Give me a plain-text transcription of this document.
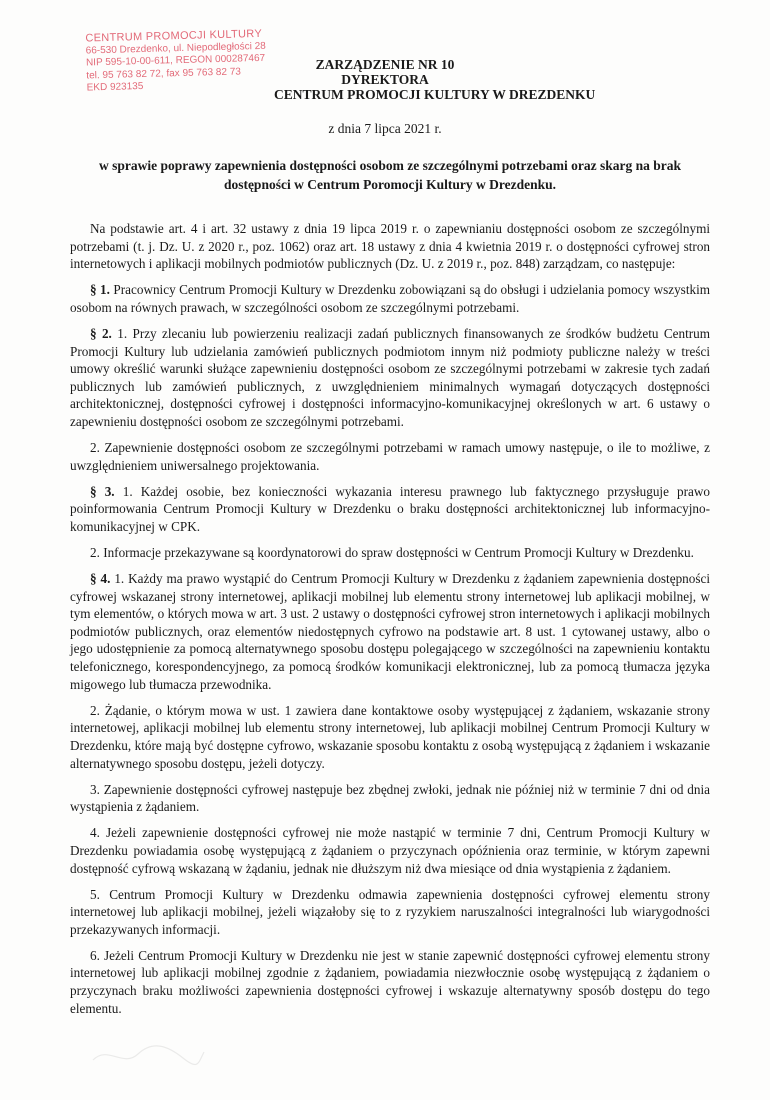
CENTRUM PROMOCJI KULTURY
66-530 Drezdenko, ul. Niepodległości 28
NIP 595-10-00-611, REGON 000287467
tel. 95 763 82 72, fax 95 763 82 73
EKD 923135
ZARZĄDZENIE NR 10
DYREKTORA
CENTRUM PROMOCJI KULTURY W DREZDENKU
z dnia 7 lipca 2021 r.
w sprawie poprawy zapewnienia dostępności osobom ze szczególnymi potrzebami oraz skarg na brak dostępności w Centrum Poromocji Kultury w Drezdenku.

Na podstawie art. 4 i art. 32 ustawy z dnia 19 lipca 2019 r. o zapewnianiu dostępności osobom ze szczególnymi potrzebami (t. j. Dz. U. z 2020 r., poz. 1062) oraz art. 18 ustawy z dnia 4 kwietnia 2019 r. o dostępności cyfrowej stron internetowych i aplikacji mobilnych podmiotów publicznych (Dz. U. z 2019 r., poz. 848) zarządzam, co następuje:

§ 1. Pracownicy Centrum Promocji Kultury w Drezdenku zobowiązani są do obsługi i udzielania pomocy wszystkim osobom na równych prawach, w szczególności osobom ze szczególnymi potrzebami.

§ 2. 1. Przy zlecaniu lub powierzeniu realizacji zadań publicznych finansowanych ze środków budżetu Centrum Promocji Kultury lub udzielania zamówień publicznych podmiotom innym niż podmioty publiczne należy w treści umowy określić warunki służące zapewnieniu dostępności osobom ze szczególnymi potrzebami w zakresie tych zadań publicznych lub zamówień publicznych, z uwzględnieniem minimalnych wymagań dotyczących dostępności architektonicznej, dostępności cyfrowej i dostępności informacyjno-komunikacyjnej określonych w art. 6 ustawy o zapewnieniu dostępności osobom ze szczególnymi potrzebami.

2. Zapewnienie dostępności osobom ze szczególnymi potrzebami w ramach umowy następuje, o ile to możliwe, z uwzględnieniem uniwersalnego projektowania.

§ 3. 1. Każdej osobie, bez konieczności wykazania interesu prawnego lub faktycznego przysługuje prawo poinformowania Centrum Promocji Kultury w Drezdenku o braku dostępności architektonicznej lub informacyjno-komunikacyjnej w CPK.

2. Informacje przekazywane są koordynatorowi do spraw dostępności w Centrum Promocji Kultury w Drezdenku.

§ 4. 1. Każdy ma prawo wystąpić do Centrum Promocji Kultury w Drezdenku z żądaniem zapewnienia dostępności cyfrowej wskazanej strony internetowej, aplikacji mobilnej lub elementu strony internetowej lub aplikacji mobilnej, w tym elementów, o których mowa w art. 3 ust. 2 ustawy o dostępności cyfrowej stron internetowych i aplikacji mobilnych podmiotów publicznych, oraz elementów niedostępnych cyfrowo na podstawie art. 8 ust. 1 cytowanej ustawy, albo o jego udostępnienie za pomocą alternatywnego sposobu dostępu polegającego w szczególności na zapewnieniu kontaktu telefonicznego, korespondencyjnego, za pomocą środków komunikacji elektronicznej, lub za pomocą tłumacza języka migowego lub tłumacza przewodnika.

2. Żądanie, o którym mowa w ust. 1 zawiera dane kontaktowe osoby występującej z żądaniem, wskazanie strony internetowej, aplikacji mobilnej lub elementu strony internetowej, lub aplikacji mobilnej Centrum Promocji Kultury w Drezdenku, które mają być dostępne cyfrowo, wskazanie sposobu kontaktu z osobą występującą z żądaniem i wskazanie alternatywnego sposobu dostępu, jeżeli dotyczy.

3. Zapewnienie dostępności cyfrowej następuje bez zbędnej zwłoki, jednak nie później niż w terminie 7 dni od dnia wystąpienia z żądaniem.

4. Jeżeli zapewnienie dostępności cyfrowej nie może nastąpić w terminie 7 dni, Centrum Promocji Kultury w Drezdenku powiadamia osobę występującą z żądaniem o przyczynach opóźnienia oraz terminie, w którym zapewni dostępność cyfrową wskazaną w żądaniu, jednak nie dłuższym niż dwa miesiące od dnia wystąpienia z żądaniem.

5. Centrum Promocji Kultury w Drezdenku odmawia zapewnienia dostępności cyfrowej elementu strony internetowej lub aplikacji mobilnej, jeżeli wiązałoby się to z ryzykiem naruszalności integralności lub wiarygodności przekazywanych informacji.

6. Jeżeli Centrum Promocji Kultury w Drezdenku nie jest w stanie zapewnić dostępności cyfrowej elementu strony internetowej lub aplikacji mobilnej zgodnie z żądaniem, powiadamia niezwłocznie osobę występującą z żądaniem o przyczynach braku możliwości zapewnienia dostępności cyfrowej i wskazuje alternatywny sposób dostępu do tego elementu.
